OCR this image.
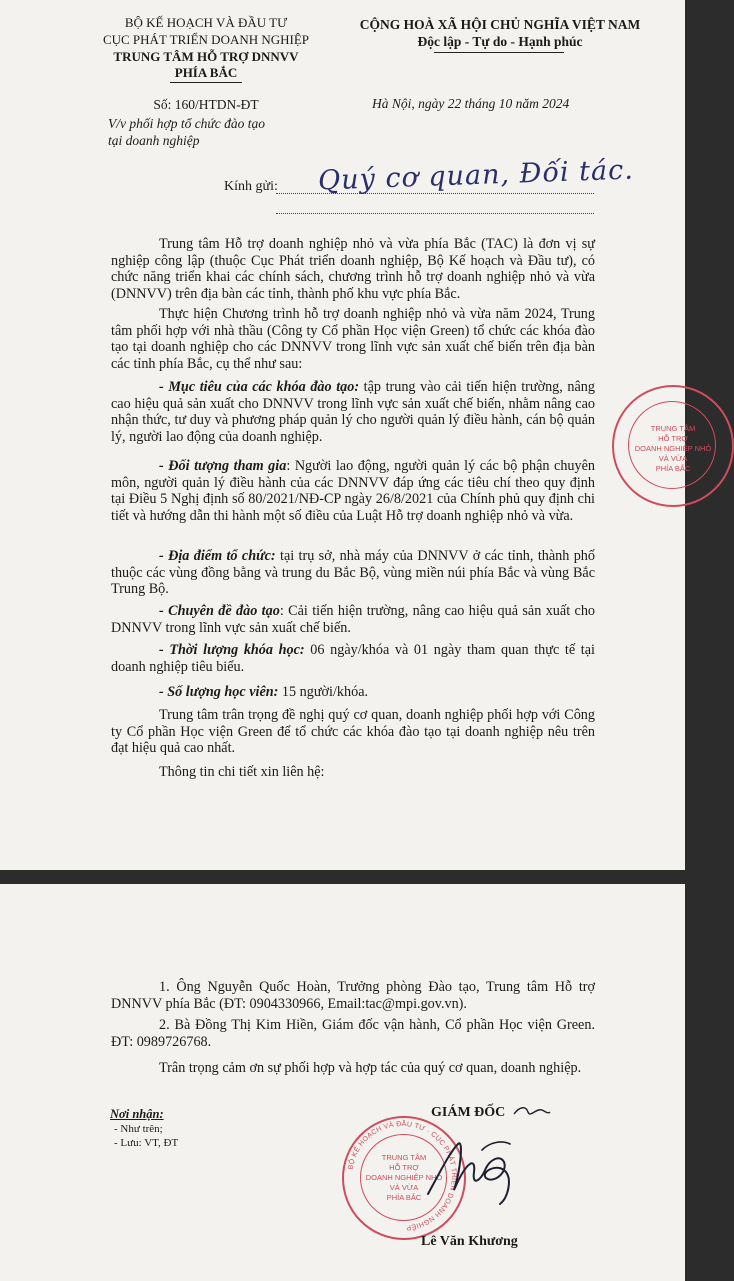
BỘ KẾ HOẠCH VÀ ĐẦU TƯ
CỤC PHÁT TRIỂN DOANH NGHIỆP
TRUNG TÂM HỖ TRỢ DNNVV
PHÍA BẮC
Số: 160/HTDN-ĐT
V/v phối hợp tổ chức đào tạo
tại doanh nghiệp
CỘNG HOÀ XÃ HỘI CHỦ NGHĨA VIỆT NAM
Độc lập - Tự do - Hạnh phúc
Hà Nội, ngày 22 tháng 10 năm 2024
Kính gửi: Quý cơ quan, Đối tác.
Trung tâm Hỗ trợ doanh nghiệp nhỏ và vừa phía Bắc (TAC) là đơn vị sự nghiệp công lập (thuộc Cục Phát triển doanh nghiệp, Bộ Kế hoạch và Đầu tư), có chức năng triển khai các chính sách, chương trình hỗ trợ doanh nghiệp nhỏ và vừa (DNNVV) trên địa bàn các tỉnh, thành phố khu vực phía Bắc.
Thực hiện Chương trình hỗ trợ doanh nghiệp nhỏ và vừa năm 2024, Trung tâm phối hợp với nhà thầu (Công ty Cổ phần Học viện Green) tổ chức các khóa đào tạo tại doanh nghiệp cho các DNNVV trong lĩnh vực sản xuất chế biến trên địa bàn các tỉnh phía Bắc, cụ thể như sau:
- Mục tiêu của các khóa đào tạo: tập trung vào cải tiến hiện trường, nâng cao hiệu quả sản xuất cho DNNVV trong lĩnh vực sản xuất chế biến, nhằm nâng cao nhận thức, tư duy và phương pháp quản lý cho người quản lý điều hành, cán bộ quản lý, người lao động của doanh nghiệp.
- Đối tượng tham gia: Người lao động, người quản lý các bộ phận chuyên môn, người quản lý điều hành của các DNNVV đáp ứng các tiêu chí theo quy định tại Điều 5 Nghị định số 80/2021/NĐ-CP ngày 26/8/2021 của Chính phủ quy định chi tiết và hướng dẫn thi hành một số điều của Luật Hỗ trợ doanh nghiệp nhỏ và vừa.
- Địa điểm tổ chức: tại trụ sở, nhà máy của DNNVV ở các tỉnh, thành phố thuộc các vùng đồng bằng và trung du Bắc Bộ, vùng miền núi phía Bắc và vùng Bắc Trung Bộ.
- Chuyên đề đào tạo: Cải tiến hiện trường, nâng cao hiệu quả sản xuất cho DNNVV trong lĩnh vực sản xuất chế biến.
- Thời lượng khóa học: 06 ngày/khóa và 01 ngày tham quan thực tế tại doanh nghiệp tiêu biểu.
- Số lượng học viên: 15 người/khóa.
Trung tâm trân trọng đề nghị quý cơ quan, doanh nghiệp phối hợp với Công ty Cổ phần Học viện Green để tổ chức các khóa đào tạo tại doanh nghiệp nêu trên đạt hiệu quả cao nhất.
Thông tin chi tiết xin liên hệ:
TRUNG TÂM
HỖ TRỢ
DOANH NGHIỆP NHỎ
VÀ VỪA
PHÍA BẮC
1. Ông Nguyễn Quốc Hoàn, Trưởng phòng Đào tạo, Trung tâm Hỗ trợ DNNVV phía Bắc (ĐT: 0904330966, Email:tac@mpi.gov.vn).
2. Bà Đồng Thị Kim Hiền, Giám đốc vận hành, Cổ phần Học viện Green. ĐT: 0989726768.
Trân trọng cảm ơn sự phối hợp và hợp tác của quý cơ quan, doanh nghiệp.
Nơi nhận:
- Như trên;
- Lưu: VT, ĐT
GIÁM ĐỐC
BỘ KẾ HOẠCH VÀ ĐẦU TƯ · CỤC PHÁT TRIỂN DOANH NGHIỆP
TRUNG TÂM
HỖ TRỢ
DOANH NGHIỆP NHỎ
VÀ VỪA
PHÍA BẮC
Lê Văn Khương
